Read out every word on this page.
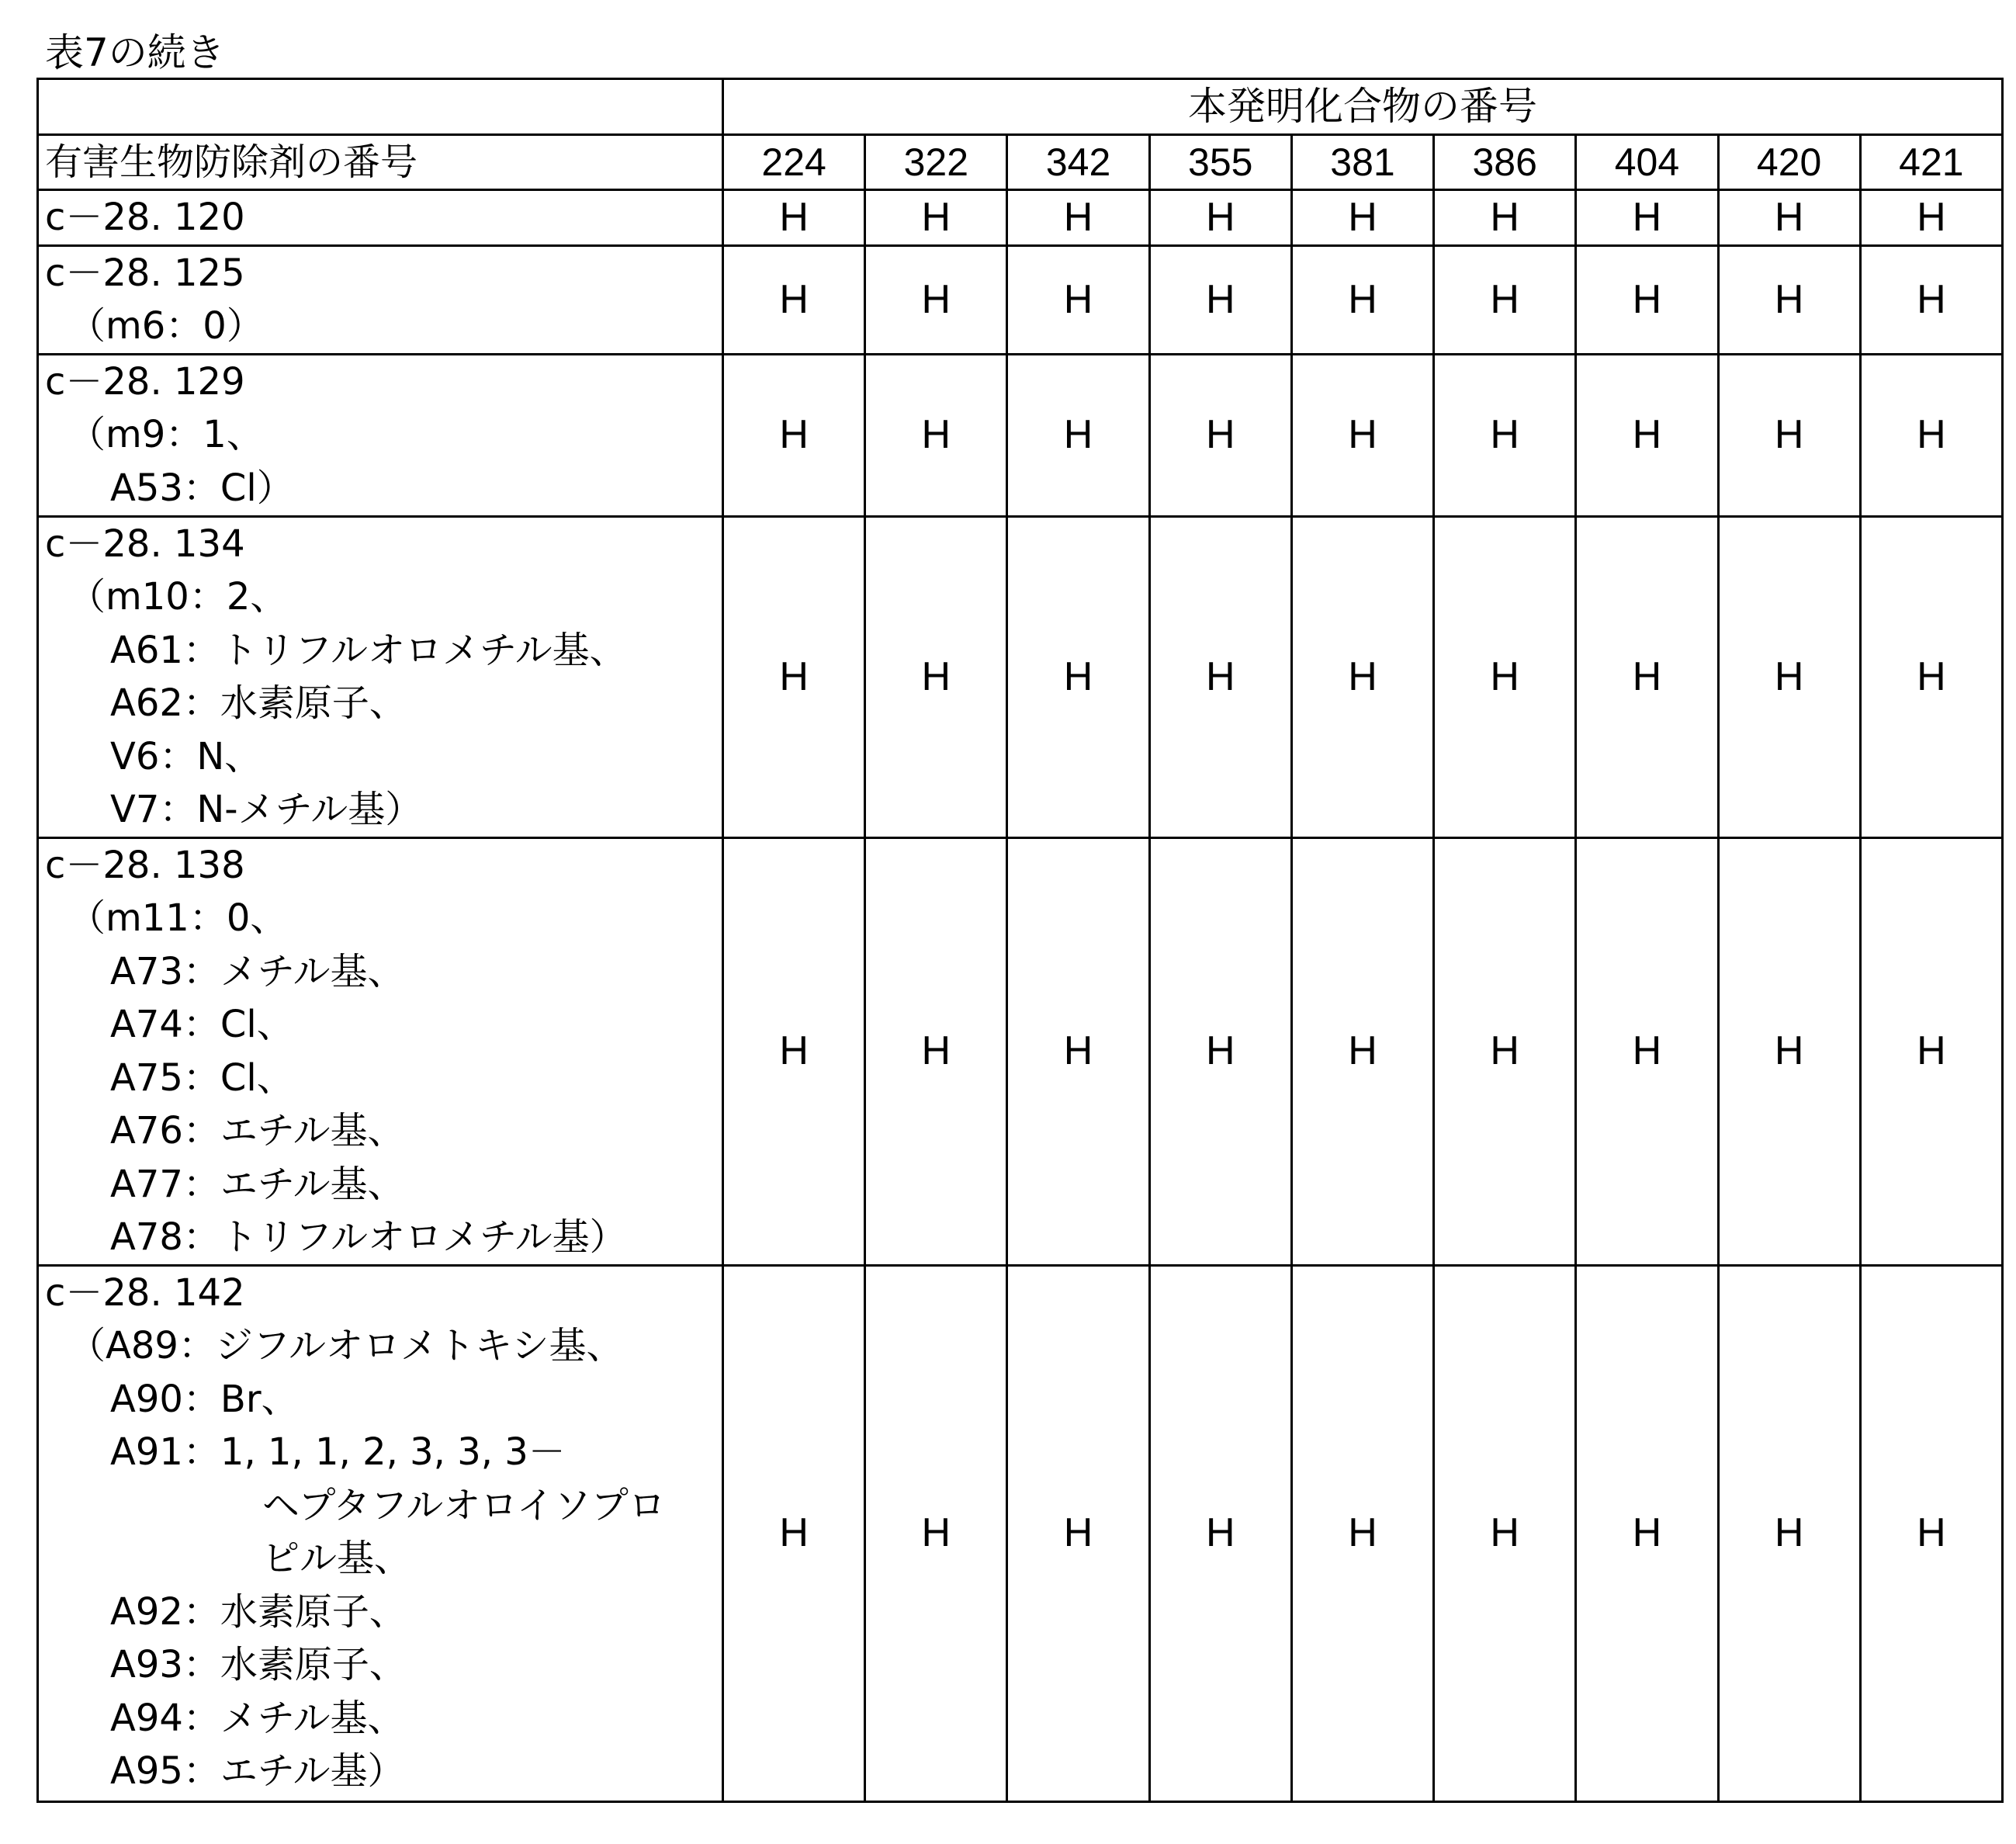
表7の続き
	本発明化合物の番号
有害生物防除剤の番号	224	322	342	355	381	386	404	420	421

c－28. 120	H	H	H	H	H	H	H	H	H

c－28. 125
（m6：0）
	H	H	H	H	H	H	H	H	H

c－28. 129
（m9：1、
A53：Cl）
	H	H	H	H	H	H	H	H	H

c－28. 134
（m10：2、
A61：トリフルオロメチル基、
A62：水素原子、
V6：N、
V7：N-メチル基）
	H	H	H	H	H	H	H	H	H

c－28. 138
（m11：0、
A73：メチル基、
A74：Cl、
A75：Cl、
A76：エチル基、
A77：エチル基、
A78：トリフルオロメチル基）
	H	H	H	H	H	H	H	H	H

c－28. 142
（A89：ジフルオロメトキシ基、
A90：Br、
A91：1, 1, 1, 2, 3, 3, 3－
ヘプタフルオロイソプロ
ピル基、
A92：水素原子、
A93：水素原子、
A94：メチル基、
A95：エチル基）
	H	H	H	H	H	H	H	H	H
